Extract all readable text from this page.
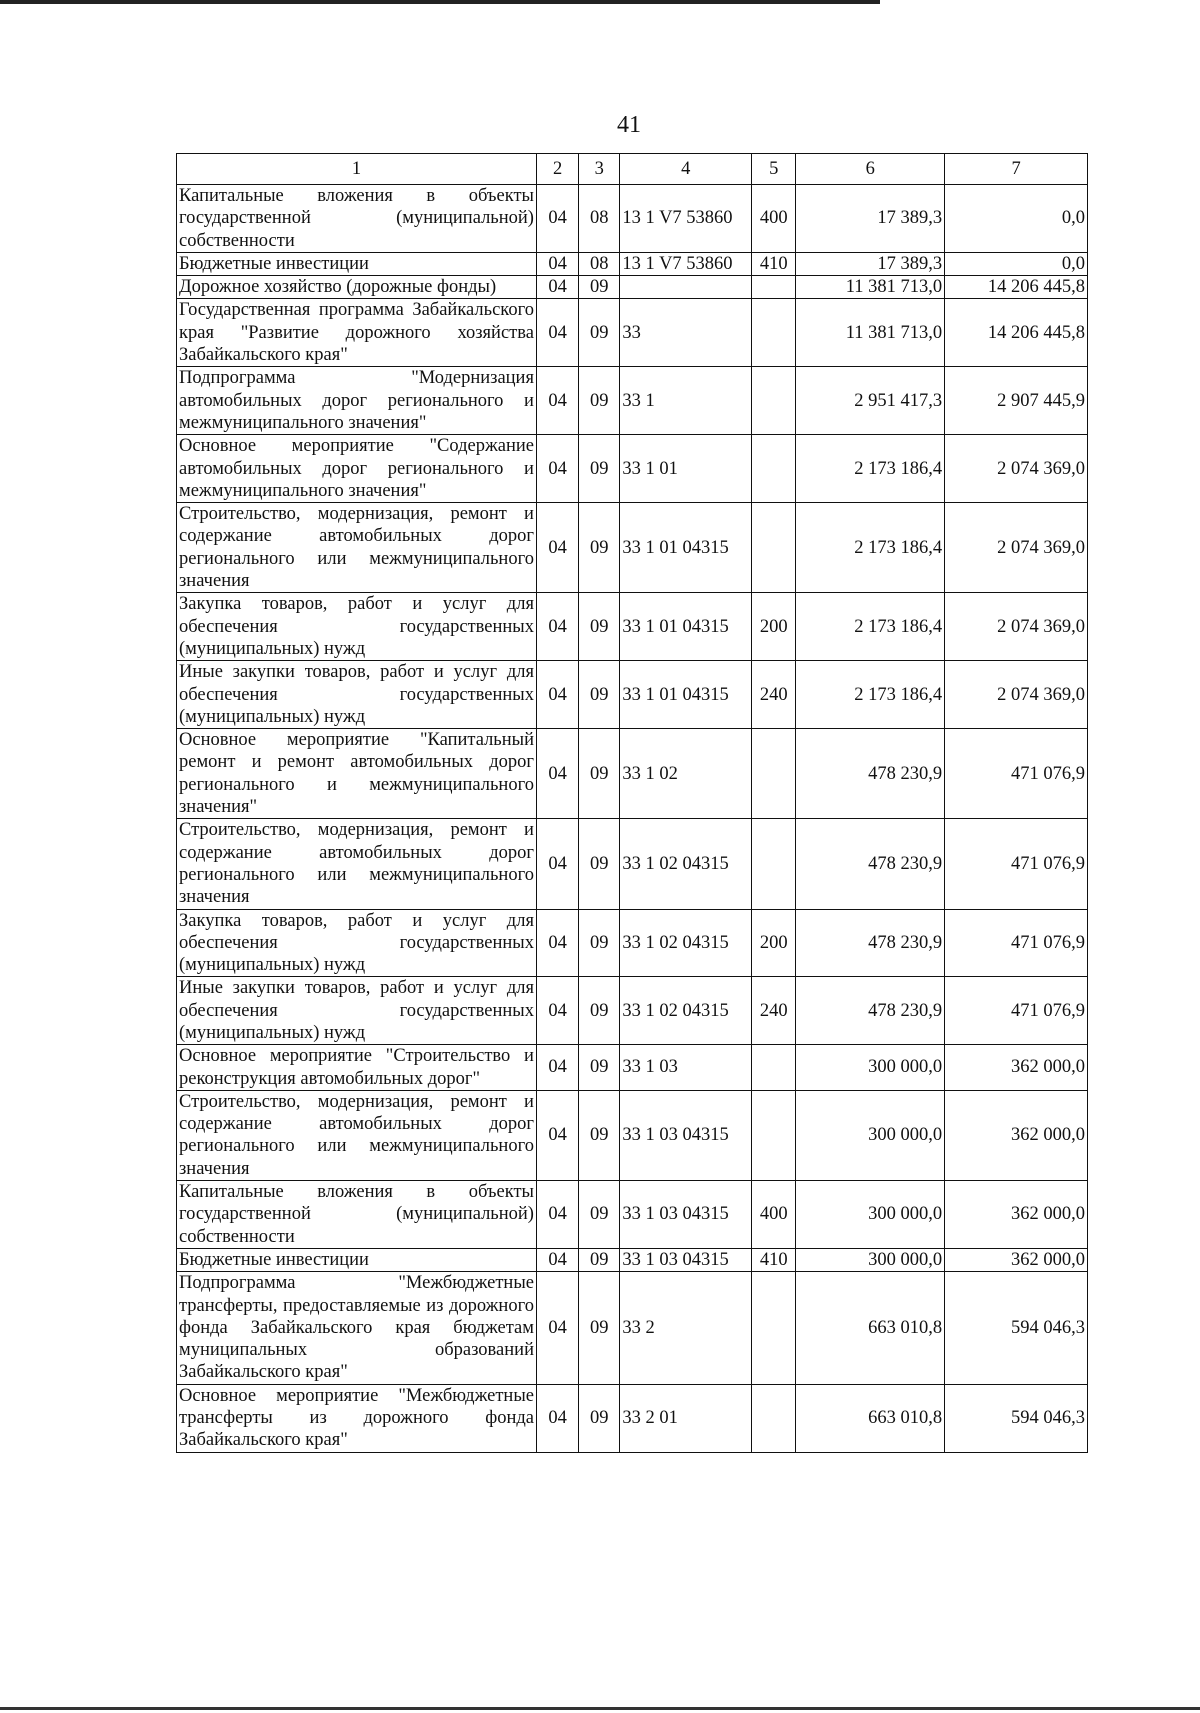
41
1	2	3	4	5	6	7
Капитальные вложения в объекты государственной (муниципальной) собственности	04	08	13 1 V7 53860	400	17 389,3	0,0
Бюджетные инвестиции	04	08	13 1 V7 53860	410	17 389,3	0,0
Дорожное хозяйство (дорожные фонды)	04	09			11 381 713,0	14 206 445,8
Государственная программа Забайкальского края "Развитие дорожного хозяйства Забайкальского края"	04	09	33		11 381 713,0	14 206 445,8
Подпрограмма "Модернизация автомобильных дорог регионального и межмуниципального значения"	04	09	33 1		2 951 417,3	2 907 445,9
Основное мероприятие "Содержание автомобильных дорог регионального и межмуниципального значения"	04	09	33 1 01		2 173 186,4	2 074 369,0
Строительство, модернизация, ремонт и содержание автомобильных дорог регионального или межмуниципального значения	04	09	33 1 01 04315		2 173 186,4	2 074 369,0
Закупка товаров, работ и услуг для обеспечения государственных (муниципальных) нужд	04	09	33 1 01 04315	200	2 173 186,4	2 074 369,0
Иные закупки товаров, работ и услуг для обеспечения государственных (муниципальных) нужд	04	09	33 1 01 04315	240	2 173 186,4	2 074 369,0
Основное мероприятие "Капитальный ремонт и ремонт автомобильных дорог регионального и межмуниципального значения"	04	09	33 1 02		478 230,9	471 076,9
Строительство, модернизация, ремонт и содержание автомобильных дорог регионального или межмуниципального значения	04	09	33 1 02 04315		478 230,9	471 076,9
Закупка товаров, работ и услуг для обеспечения государственных (муниципальных) нужд	04	09	33 1 02 04315	200	478 230,9	471 076,9
Иные закупки товаров, работ и услуг для обеспечения государственных (муниципальных) нужд	04	09	33 1 02 04315	240	478 230,9	471 076,9
Основное мероприятие "Строительство и реконструкция автомобильных дорог"	04	09	33 1 03		300 000,0	362 000,0
Строительство, модернизация, ремонт и содержание автомобильных дорог регионального или межмуниципального значения	04	09	33 1 03 04315		300 000,0	362 000,0
Капитальные вложения в объекты государственной (муниципальной) собственности	04	09	33 1 03 04315	400	300 000,0	362 000,0
Бюджетные инвестиции	04	09	33 1 03 04315	410	300 000,0	362 000,0
Подпрограмма "Межбюджетные трансферты, предоставляемые из дорожного фонда Забайкальского края бюджетам муниципальных образований Забайкальского края"	04	09	33 2		663 010,8	594 046,3
Основное мероприятие "Межбюджетные трансферты из дорожного фонда Забайкальского края"	04	09	33 2 01		663 010,8	594 046,3
